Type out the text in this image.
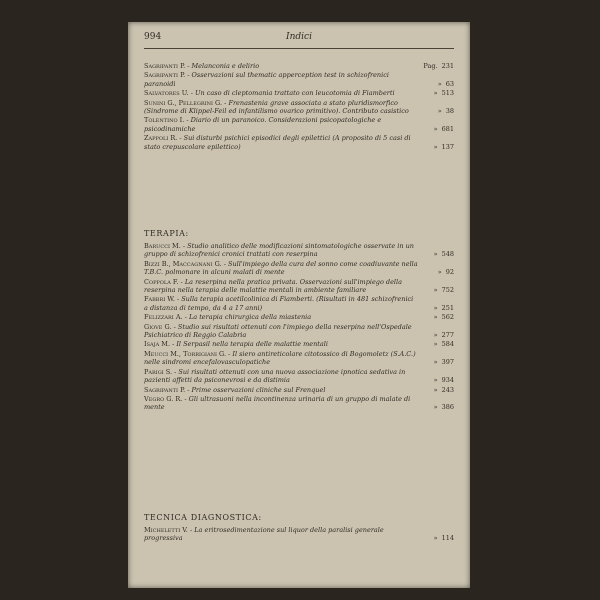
994	Indici
Sagripanti P. - Melanconia e delirio	Pag. 231
Sagripanti P. - Osservazioni sul thematic apperception test in schizofrenici paranoidi	» 63
Salvatores U. - Un caso di cleptomania trattato con leucotomia di Fiamberti	» 513
Sunini G., Pellegrini G. - Frenastenia grave associata a stato pluridismorfico (Sindrome di Klippel-Feil ed infantilismo ovarico primitivo). Contributo casistico	» 38
Tolentino I. - Diario di un paranoico. Considerazioni psicopatologiche e psicodinamiche	» 681
Zappoli R. - Sui disturbi psichici episodici degli epilettici (A proposito di 5 casi di stato crepuscolare epilettico)	» 137
TERAPIA:
Barucci M. - Studio analitico delle modificazioni sintomatologiche osservate in un gruppo di schizofrenici cronici trattati con reserpina	» 548
Bizzi B., Maccagnani G. - Sull'impiego della cura del sonno come coadiuvante nella T.B.C. polmonare in alcuni malati di mente	» 92
Coppola F. - La reserpina nella pratica privata. Osservazioni sull'impiego della reserpina nella terapia delle malattie mentali in ambiente familiare	» 752
Fabbri W. - Sulla terapia acetilcolinica di Fiamberti. (Risultati in 481 schizofrenici a distanza di tempo, da 4 a 17 anni)	» 251
Felizzari A. - La terapia chirurgica della miastenia	» 562
Giove G. - Studio sui risultati ottenuti con l'impiego della reserpina nell'Ospedale Psichiatrico di Reggio Calabria	» 277
Isaja M. - Il Serpasil nella terapia delle malattie mentali	» 584
Meucci M., Torrigiani G. - Il siero antireticolare citotossico di Bogomoletz (S.A.C.) nelle sindromi encefalovasculopatiche	» 397
Parigi S. - Sui risultati ottenuti con una nuova associazione ipnotica sedativa in pazienti affetti da psiconevrosi e da distimia	» 934
Sagripanti P. - Prime osservazioni cliniche sul Frenquel	» 243
Vegro G. R. - Gli ultrasuoni nella incontinenza urinaria di un gruppo di malate di mente	» 386
TECNICA DIAGNOSTICA:
Micheletti V. - La eritrosedimentazione sul liquor della paralisi generale progressiva	» 114
